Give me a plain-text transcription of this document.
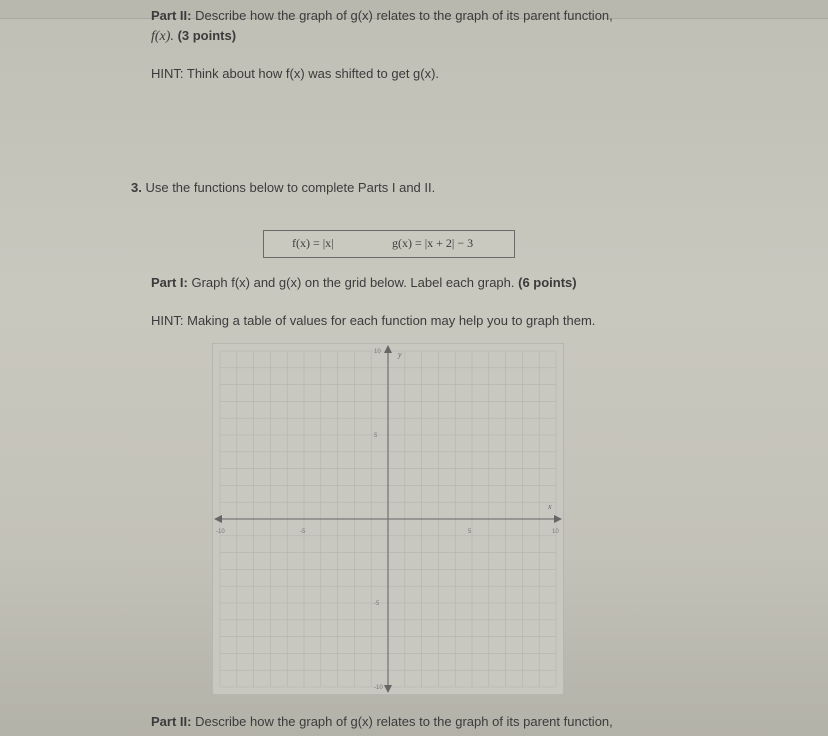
Part II: Describe how the graph of g(x) relates to the graph of its parent function,
f(x). (3 points)
HINT: Think about how f(x) was shifted to get g(x).
3. Use the functions below to complete Parts I and II.
f(x) = |x|	g(x) = |x + 2| − 3
Part I: Graph f(x) and g(x) on the grid below. Label each graph. (6 points)
HINT: Making a table of values for each function may help you to graph them.
x
y
-10	-5	5	10
10
5
-5
-10
Part II: Describe how the graph of g(x) relates to the graph of its parent function,
